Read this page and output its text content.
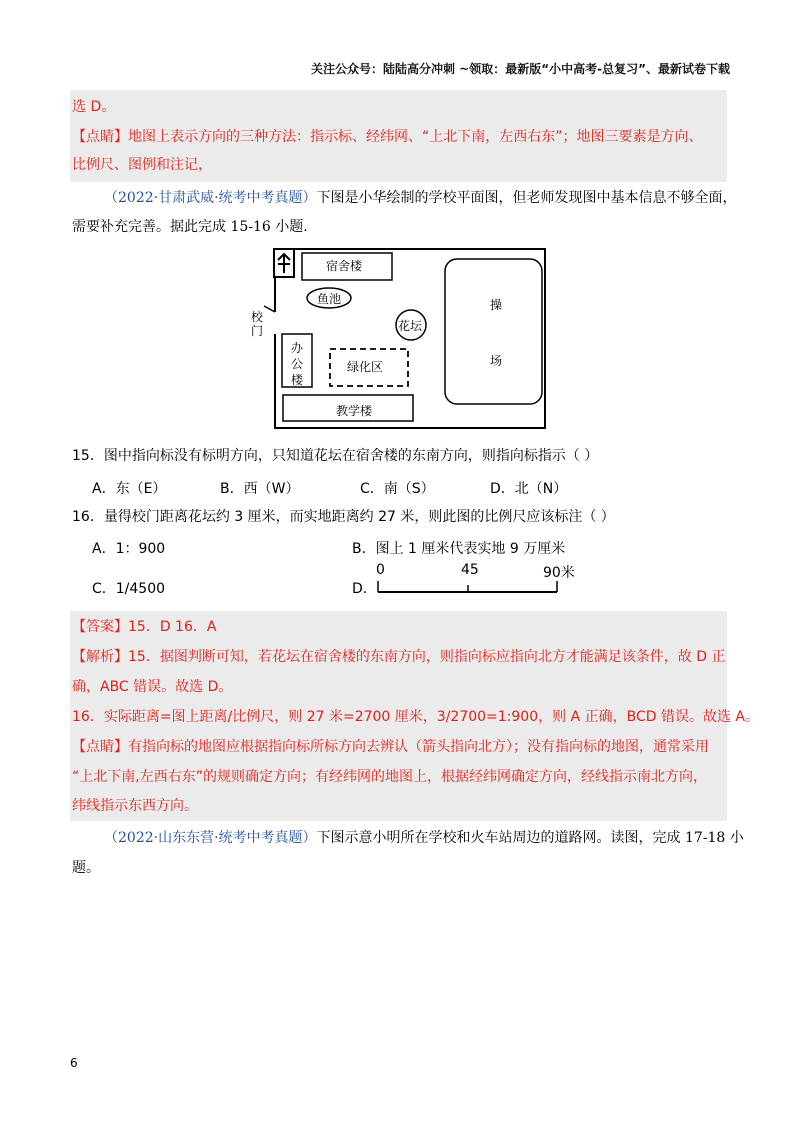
关注公众号：陆陆高分冲刺 ~领取：最新版“小中高考-总复习”、最新试卷下载
选 D。
【点睛】地图上表示方向的三种方法：指示标、经纬网、“上北下南，左西右东”；地图三要素是方向、
比例尺、图例和注记，
（2022·甘肃武威·统考中考真题）下图是小华绘制的学校平面图，但老师发现图中基本信息不够全面，
需要补充完善。据此完成 15-16 小题.
宿舍楼
鱼池
花坛
操
场
校
门
办
公
楼
绿化区
教学楼
15．图中指向标没有标明方向，只知道花坛在宿舍楼的东南方向，则指向标指示（ ）
A．东（E）	B．西（W）	C．南（S）	D．北（N）
16．量得校门距离花坛约 3 厘米，而实地距离约 27 米，则此图的比例尺应该标注（ ）
A．1：900	B．图上 1 厘米代表实地 9 万厘米
C．1/4500	D．
0	45	90米
【答案】15．D 16．A
【解析】15．据图判断可知，若花坛在宿舍楼的东南方向，则指向标应指向北方才能满足该条件，故 D 正
确，ABC 错误。故选 D。
16．实际距离=图上距离/比例尺，则 27 米=2700 厘米，3/2700=1:900，则 A 正确，BCD 错误。故选 A。
【点睛】有指向标的地图应根据指向标所标方向去辨认（箭头指向北方）；没有指向标的地图，通常采用
“上北下南,左西右东”的规则确定方向；有经纬网的地图上，根据经纬网确定方向，经线指示南北方向，
纬线指示东西方向。
（2022·山东东营·统考中考真题）下图示意小明所在学校和火车站周边的道路网。读图，完成 17-18 小
题。
6
